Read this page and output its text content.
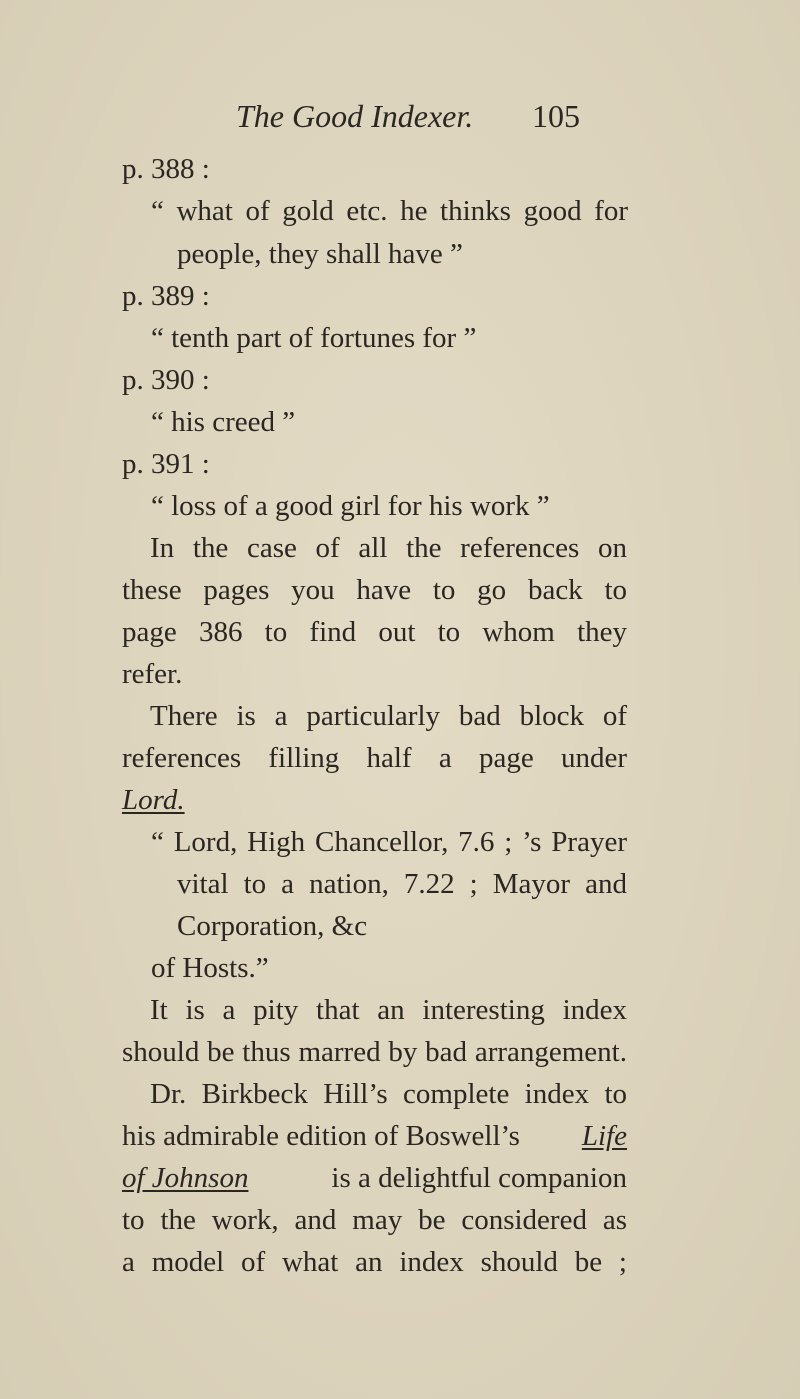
The Good Indexer. 105
p. 388 :
“ what of gold etc. he thinks good for
people, they shall have ”
p. 389 :
“ tenth part of fortunes for ”
p. 390 :
“ his creed ”
p. 391 :
“ loss of a good girl for his work ”
In the case of all the references on
these pages you have to go back to
page 386 to find out to whom they
refer.
There is a particularly bad block of
references filling half a page under
Lord.
“ Lord, High Chancellor, 7.6 ; ’s Prayer
vital to a nation, 7.22 ; Mayor and
Corporation, &c
of Hosts.”
It is a pity that an interesting index
should be thus marred by bad arrangement.
Dr. Birkbeck Hill’s complete index to
his admirable edition of Boswell’s Life
of Johnson	is a delightful companion
to the work, and may be considered as
a model of what an index should be ;
